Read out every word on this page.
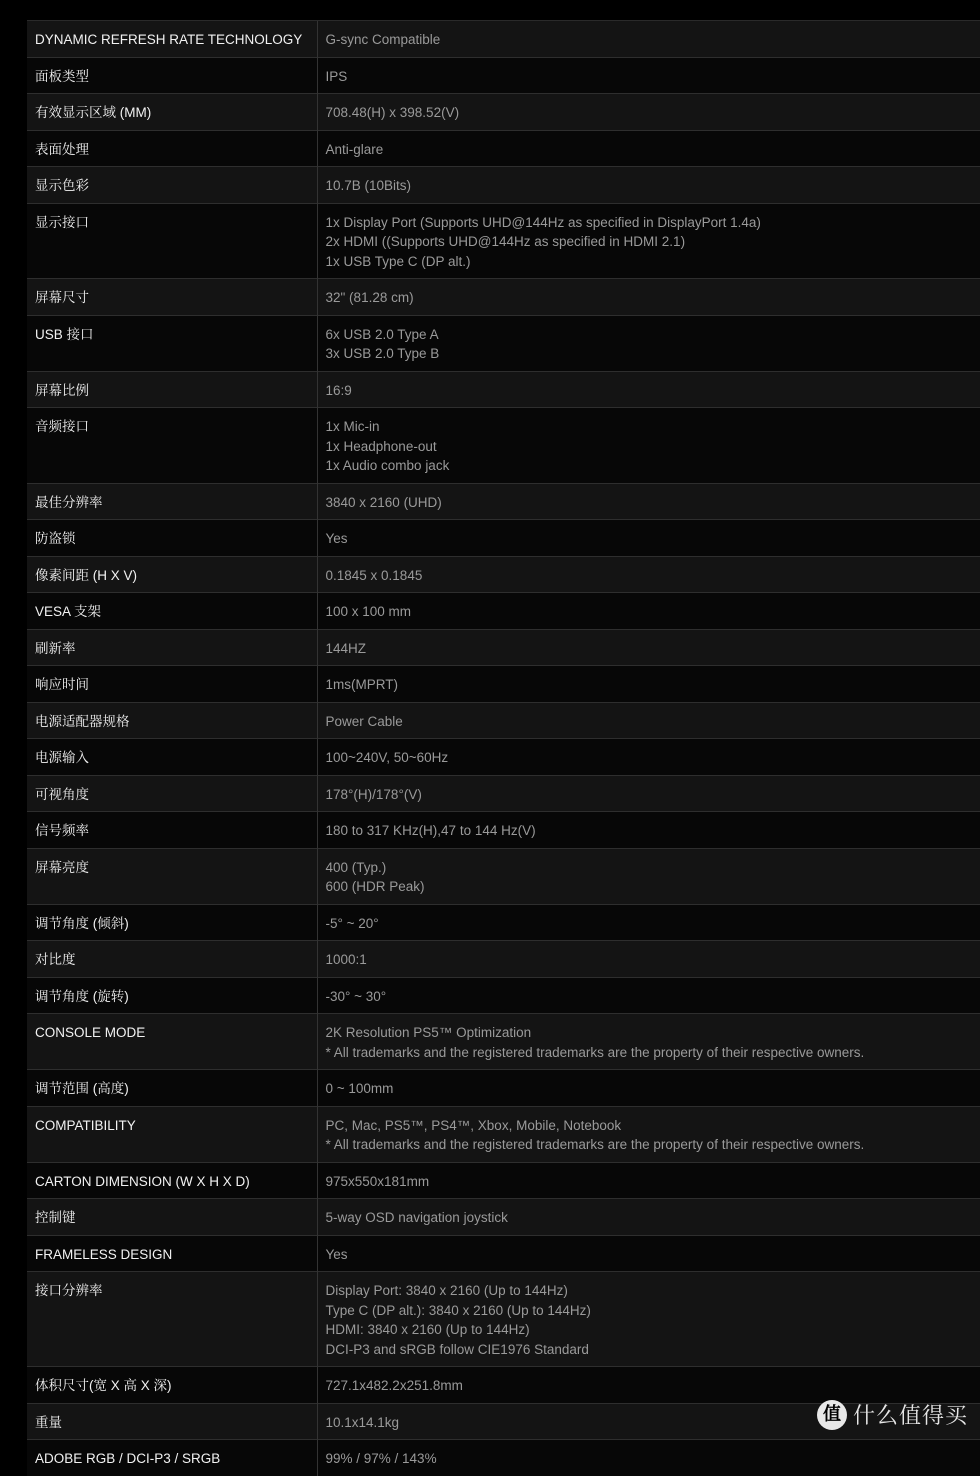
DYNAMIC REFRESH RATE TECHNOLOGY	G-sync Compatible

面板类型	IPS

有效显示区域 (MM)	708.48(H) x 398.52(V)

表面处理	Anti-glare

显示色彩	10.7B (10Bits)

显示接口	1x Display Port (Supports UHD@144Hz as specified in DisplayPort 1.4a)
2x HDMI ((Supports UHD@144Hz as specified in HDMI 2.1)
1x USB Type C (DP alt.)

屏幕尺寸	32" (81.28 cm)

USB 接口	6x USB 2.0 Type A
3x USB 2.0 Type B

屏幕比例	16:9

音频接口	1x Mic-in
1x Headphone-out
1x Audio combo jack

最佳分辨率	3840 x 2160 (UHD)

防盗锁	Yes

像素间距 (H X V)	0.1845 x 0.1845

VESA 支架	100 x 100 mm

刷新率	144HZ

响应时间	1ms(MPRT)

电源适配器规格	Power Cable

电源输入	100~240V, 50~60Hz

可视角度	178°(H)/178°(V)

信号频率	180 to 317 KHz(H),47 to 144 Hz(V)

屏幕亮度	400 (Typ.)
600 (HDR Peak)

调节角度 (倾斜)	-5° ~ 20°

对比度	1000:1

调节角度 (旋转)	-30° ~ 30°

CONSOLE MODE	2K Resolution PS5™ Optimization
* All trademarks and the registered trademarks are the property of their respective owners.

调节范围 (高度)	0 ~ 100mm

COMPATIBILITY	PC, Mac, PS5™, PS4™, Xbox, Mobile, Notebook
* All trademarks and the registered trademarks are the property of their respective owners.

CARTON DIMENSION (W X H X D)	975x550x181mm

控制键	5-way OSD navigation joystick

FRAMELESS DESIGN	Yes

接口分辨率	Display Port: 3840 x 2160 (Up to 144Hz)
Type C (DP alt.): 3840 x 2160 (Up to 144Hz)
HDMI: 3840 x 2160 (Up to 144Hz)
DCI-P3 and sRGB follow CIE1976 Standard

体积尺寸(宽 X 高 X 深)	727.1x482.2x251.8mm

重量	10.1x14.1kg

ADOBE RGB / DCI-P3 / SRGB	99% / 97% / 143%
值 什么值得买
